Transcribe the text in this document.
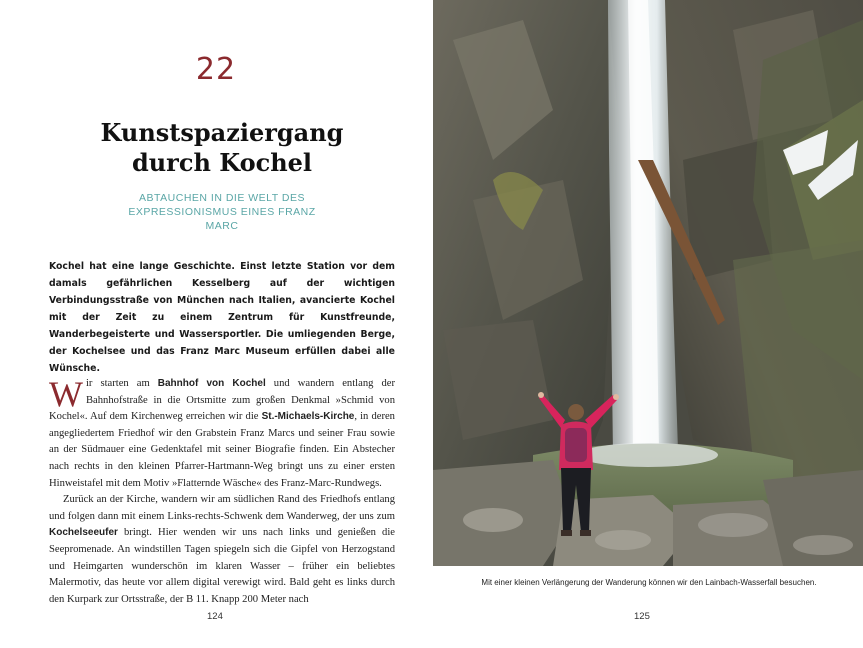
22
Kunstspaziergang
durch Kochel
ABTAUCHEN IN DIE WELT DES EXPRESSIONISMUS EINES FRANZ MARC

Kochel hat eine lange Geschichte. Einst letzte Station vor dem damals gefährlichen Kesselberg auf der wichtigen Verbindungsstraße von München nach Italien, avancierte Kochel mit der Zeit zu einem Zentrum für Kunstfreunde, Wanderbegeisterte und Wassersportler. Die umliegenden Berge, der Kochelsee und das Franz Marc Museum erfüllen dabei alle Wünsche.

Wir starten am Bahnhof von Kochel und wandern entlang der Bahnhofstraße in die Ortsmitte zum großen Denkmal »Schmid von Kochel«. Auf dem Kirchenweg erreichen wir die St.-Michaels-Kirche, in deren angegliedertem Friedhof wir den Grabstein Franz Marcs und seiner Frau sowie an der Südmauer eine Gedenktafel mit seiner Biografie finden. Ein Abstecher nach rechts in den kleinen Pfarrer-Hartmann-Weg bringt uns zu einer ersten Hinweistafel mit dem Motiv »Flatternde Wäsche« des Franz-Marc-Rundwegs.

Zurück an der Kirche, wandern wir am südlichen Rand des Friedhofs entlang und folgen dann mit einem Links-rechts-Schwenk dem Wanderweg, der uns zum Kochelseeufer bringt. Hier wenden wir uns nach links und genießen die Seepromenade. An windstillen Tagen spiegeln sich die Gipfel von Herzogstand und Heimgarten wunderschön im klaren Wasser – früher ein beliebtes Malermotiv, das heute vor allem digital verewigt wird. Bald geht es links durch den Kurpark zur Ortsstraße, der B 11. Knapp 200 Meter nach

124
Mit einer kleinen Verlängerung der Wanderung können wir den Lainbach-Wasserfall besuchen.
125
